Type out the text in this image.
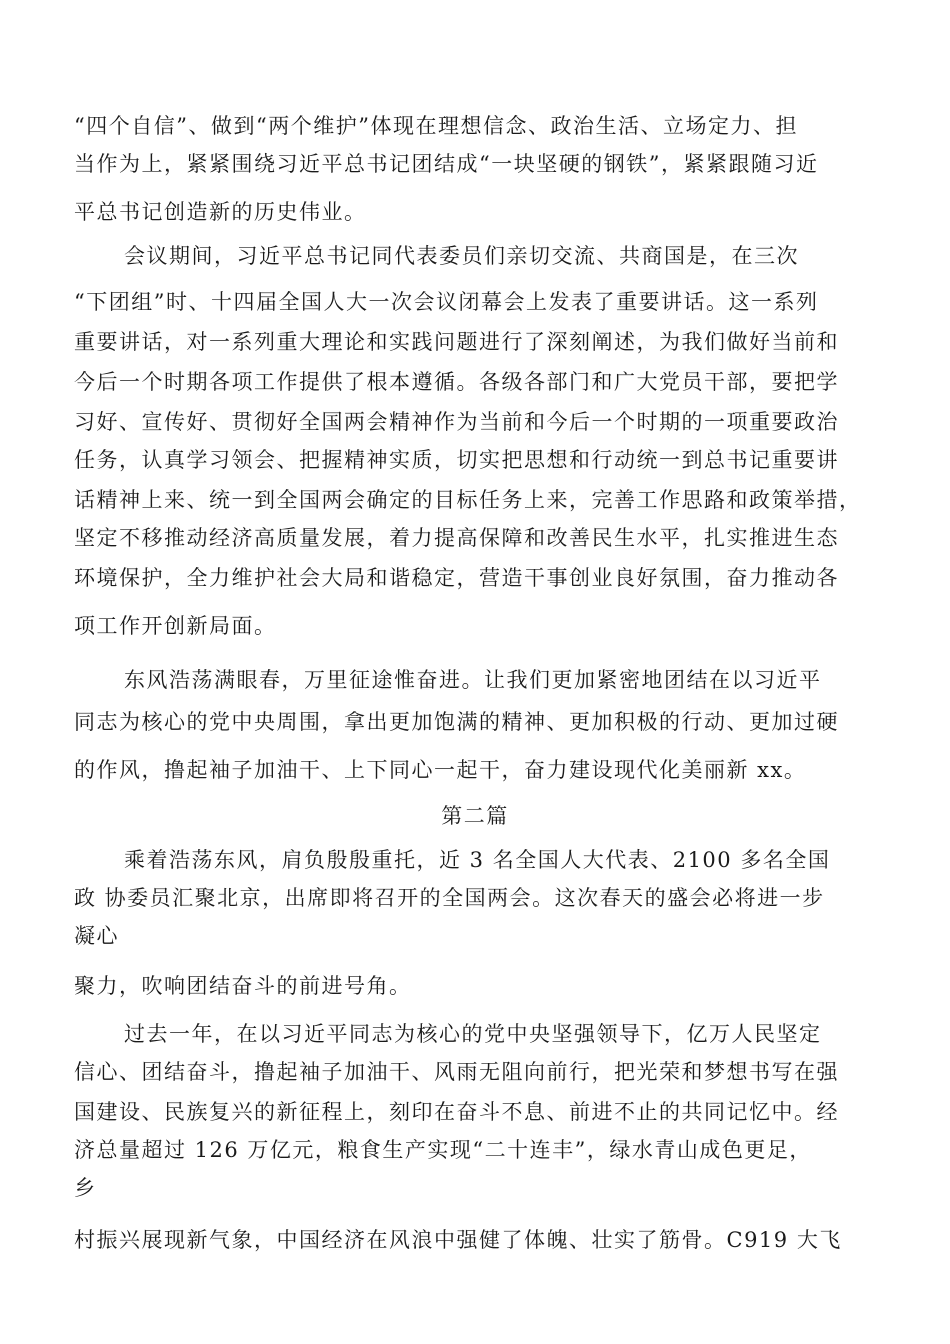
“四个自信”、做到“两个维护”体现在理想信念、政治生活、立场定力、担
当作为上，紧紧围绕习近平总书记团结成“一块坚硬的钢铁”，紧紧跟随习近
平总书记创造新的历史伟业。
会议期间，习近平总书记同代表委员们亲切交流、共商国是，在三次
“下团组”时、十四届全国人大一次会议闭幕会上发表了重要讲话。这一系列
重要讲话，对一系列重大理论和实践问题进行了深刻阐述，为我们做好当前和
今后一个时期各项工作提供了根本遵循。各级各部门和广大党员干部，要把学
习好、宣传好、贯彻好全国两会精神作为当前和今后一个时期的一项重要政治
任务，认真学习领会、把握精神实质，切实把思想和行动统一到总书记重要讲
话精神上来、统一到全国两会确定的目标任务上来，完善工作思路和政策举措，
坚定不移推动经济高质量发展，着力提高保障和改善民生水平，扎实推进生态
环境保护，全力维护社会大局和谐稳定，营造干事创业良好氛围，奋力推动各
项工作开创新局面。
东风浩荡满眼春，万里征途惟奋进。让我们更加紧密地团结在以习近平
同志为核心的党中央周围，拿出更加饱满的精神、更加积极的行动、更加过硬
的作风，撸起袖子加油干、上下同心一起干，奋力建设现代化美丽新 xx。
第二篇
乘着浩荡东风，肩负殷殷重托，近 3 名全国人大代表、2100 多名全国
政 协委员汇聚北京，出席即将召开的全国两会。这次春天的盛会必将进一步
凝心
聚力，吹响团结奋斗的前进号角。
过去一年，在以习近平同志为核心的党中央坚强领导下，亿万人民坚定
信心、团结奋斗，撸起袖子加油干、风雨无阻向前行，把光荣和梦想书写在强
国建设、民族复兴的新征程上，刻印在奋斗不息、前进不止的共同记忆中。经
济总量超过 126 万亿元，粮食生产实现“二十连丰”，绿水青山成色更足，
乡
村振兴展现新气象，中国经济在风浪中强健了体魄、壮实了筋骨。C919 大飞
